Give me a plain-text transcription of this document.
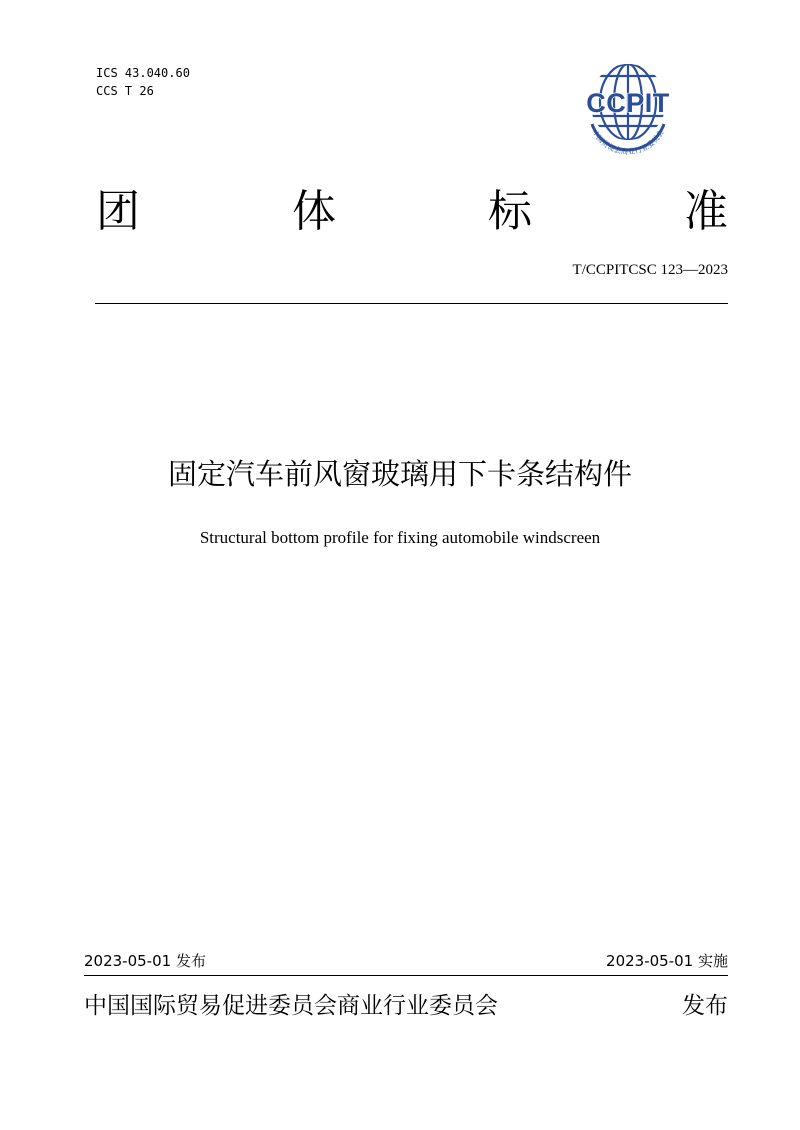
ICS 43.040.60
CCS T 26	CCPIT
中国贸促会商业行业委员会
团	体	标	准
T/CCPITCSC 123—2023
固定汽车前风窗玻璃用下卡条结构件
Structural bottom profile for fixing automobile windscreen
2023-05-01 发布	2023-05-01 实施
中国国际贸易促进委员会商业行业委员会	发布
